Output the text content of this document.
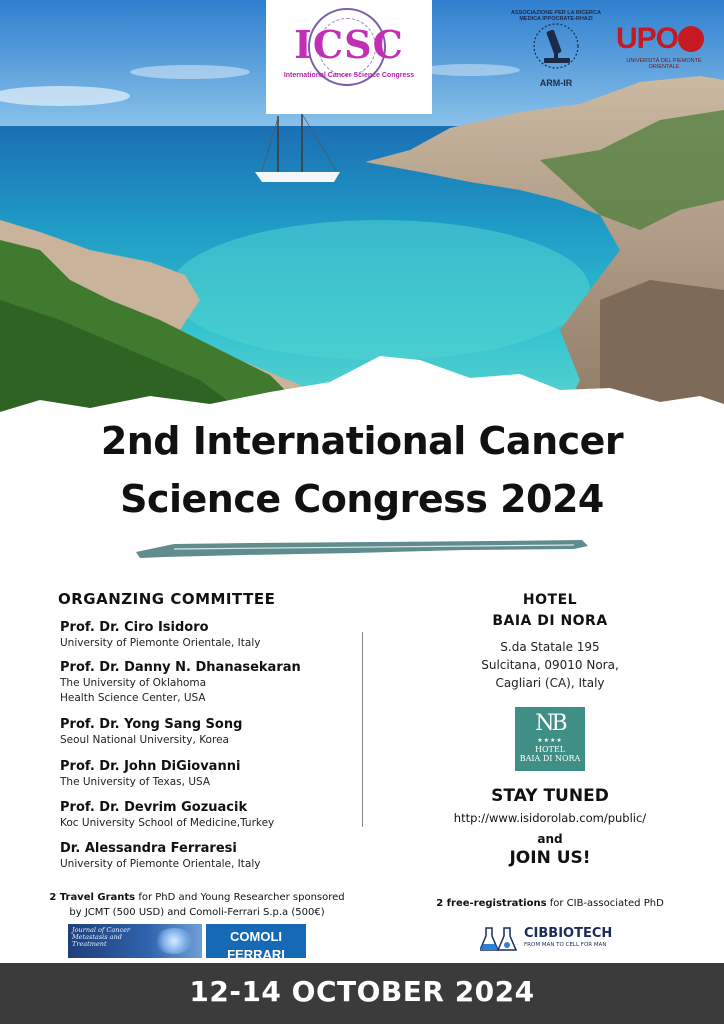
ICSC
International Cancer Science Congress
ASSOCIAZIONE PER LA RICERCA MEDICA IPPOCRATE-RHAZI
ARM-IR
UPO
UNIVERSITÀ DEL PIEMONTE ORIENTALE
2nd International Cancer
Science Congress 2024
ORGANZING COMMITTEE
Prof. Dr. Ciro Isidoro
University of Piemonte Orientale, Italy
Prof. Dr. Danny N. Dhanasekaran
The University of Oklahoma
Health Science Center, USA
Prof. Dr. Yong Sang Song
Seoul National University, Korea
Prof. Dr. John DiGiovanni
The University of Texas, USA
Prof. Dr. Devrim Gozuacik
Koc University School of Medicine,Turkey
Dr. Alessandra Ferraresi
University of Piemonte Orientale, Italy
HOTEL
BAIA DI NORA
S.da Statale 195
Sulcitana, 09010 Nora,
Cagliari (CA), Italy
NB
★★★★
HOTEL
BAIA DI NORA
STAY TUNED
http://www.isidorolab.com/public/
and
JOIN US!
2 Travel Grants for PhD and Young Researcher sponsored
by JCMT (500 USD) and Comoli-Ferrari S.p.a (500€)
2 free-registrations for CIB-associated PhD
Journal of Cancer Metastasis and Treatment	COMOLI FERRARI
CIBBIOTECH
FROM MAN TO CELL FOR MAN
12-14 OCTOBER 2024
